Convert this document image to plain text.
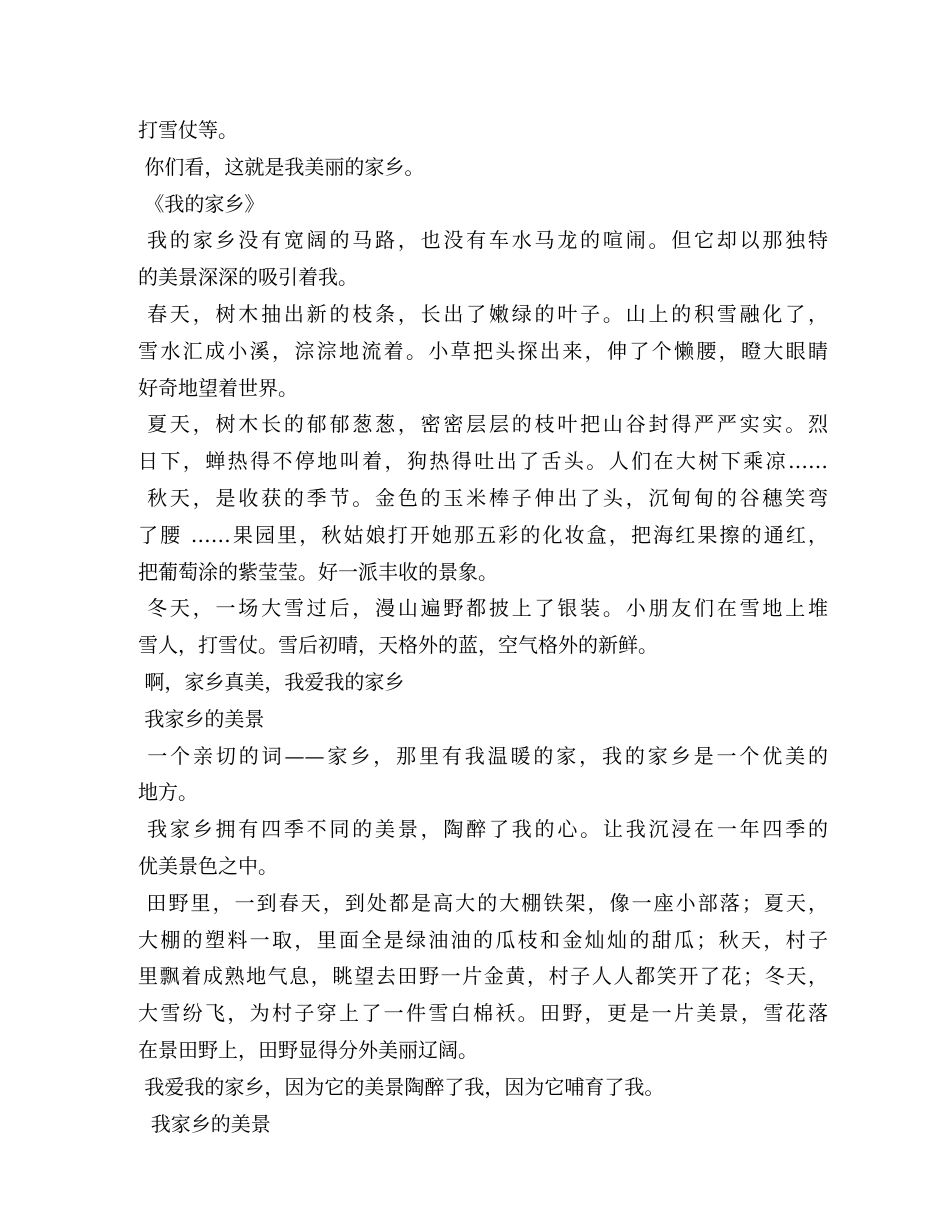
打雪仗等。
你们看，这就是我美丽的家乡。
《我的家乡》
我的家乡没有宽阔的马路，也没有车水马龙的喧闹。但它却以那独特
的美景深深的吸引着我。
春天，树木抽出新的枝条，长出了嫩绿的叶子。山上的积雪融化了，
雪水汇成小溪，淙淙地流着。小草把头探出来，伸了个懒腰，瞪大眼睛
好奇地望着世界。
夏天，树木长的郁郁葱葱，密密层层的枝叶把山谷封得严严实实。烈
日下，蝉热得不停地叫着，狗热得吐出了舌头。人们在大树下乘凉……
秋天，是收获的季节。金色的玉米棒子伸出了头，沉甸甸的谷穗笑弯
了腰 ……果园里，秋姑娘打开她那五彩的化妆盒，把海红果擦的通红，
把葡萄涂的紫莹莹。好一派丰收的景象。
冬天，一场大雪过后，漫山遍野都披上了银装。小朋友们在雪地上堆
雪人，打雪仗。雪后初晴，天格外的蓝，空气格外的新鲜。
啊，家乡真美，我爱我的家乡
我家乡的美景
一个亲切的词——家乡，那里有我温暖的家，我的家乡是一个优美的
地方。
我家乡拥有四季不同的美景，陶醉了我的心。让我沉浸在一年四季的
优美景色之中。
田野里，一到春天，到处都是高大的大棚铁架，像一座小部落；夏天，
大棚的塑料一取，里面全是绿油油的瓜枝和金灿灿的甜瓜；秋天，村子
里飘着成熟地气息，眺望去田野一片金黄，村子人人都笑开了花；冬天，
大雪纷飞，为村子穿上了一件雪白棉袄。田野，更是一片美景，雪花落
在景田野上，田野显得分外美丽辽阔。
我爱我的家乡，因为它的美景陶醉了我，因为它哺育了我。
我家乡的美景
